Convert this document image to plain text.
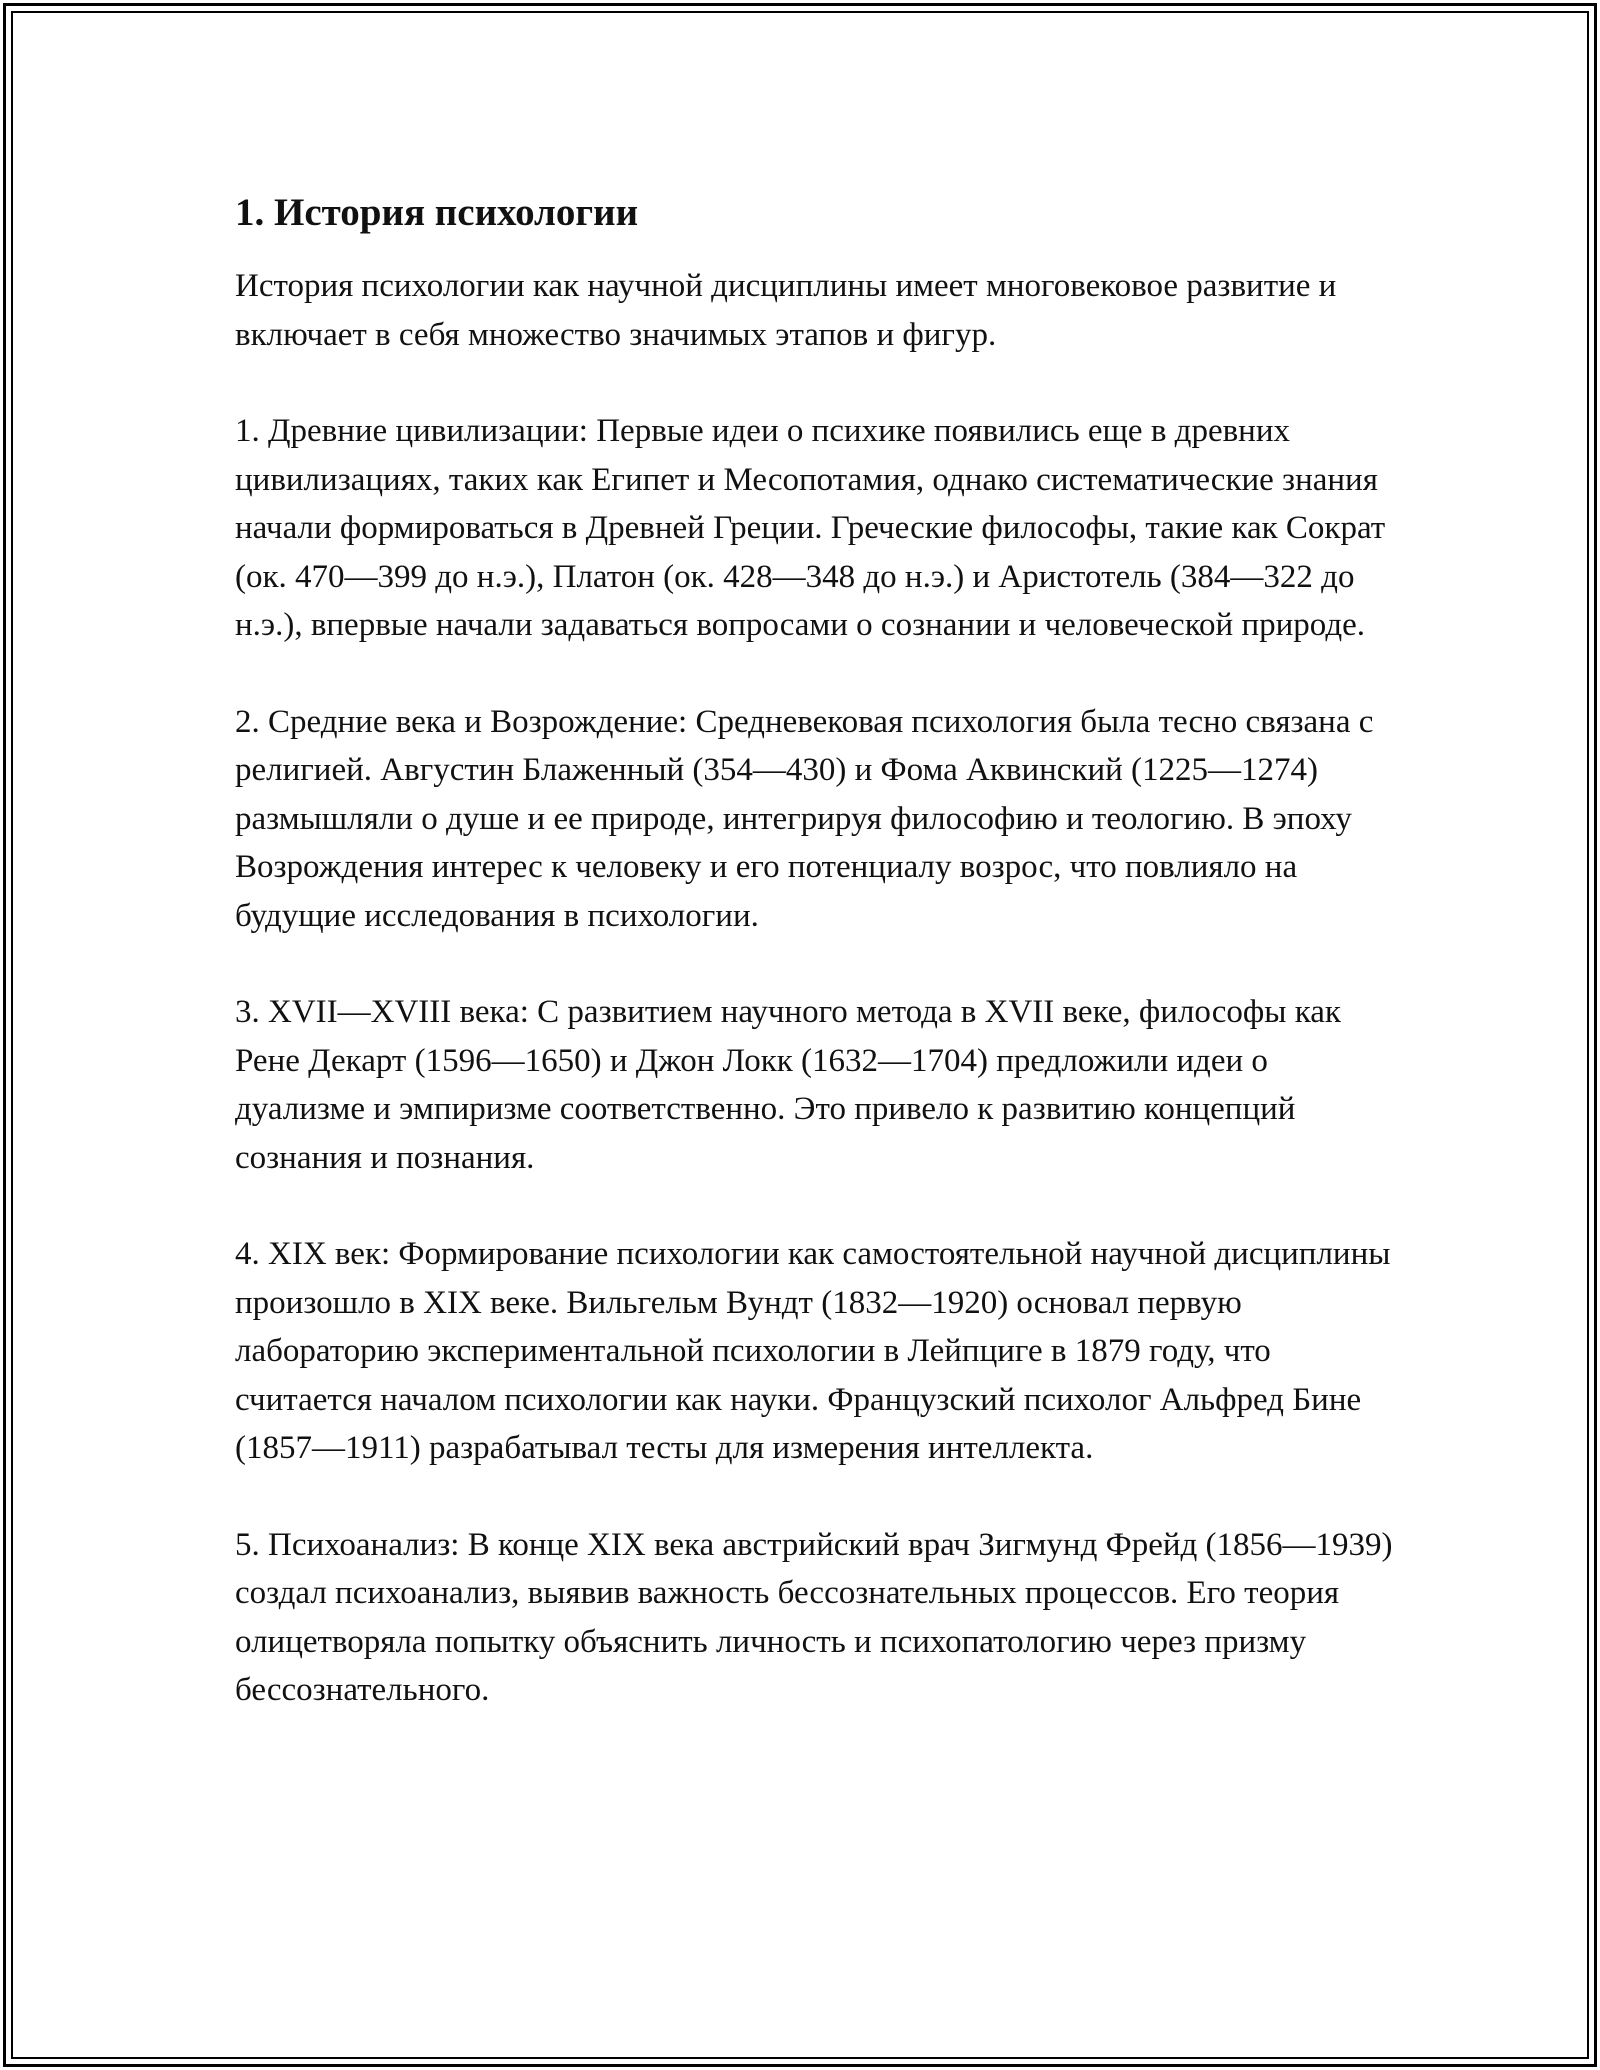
1. История психологии

История психологии как научной дисциплины имеет многовековое развитие и включает в себя множество значимых этапов и фигур.

1. Древние цивилизации: Первые идеи о психике появились еще в древних цивилизациях, таких как Египет и Месопотамия, однако систематические знания начали формироваться в Древней Греции. Греческие философы, такие как Сократ (ок. 470—399 до н.э.), Платон (ок. 428—348 до н.э.) и Аристотель (384—322 до н.э.), впервые начали задаваться вопросами о сознании и человеческой природе.

2. Средние века и Возрождение: Средневековая психология была тесно связана с религией. Августин Блаженный (354—430) и Фома Аквинский (1225—1274) размышляли о душе и ее природе, интегрируя философию и теологию. В эпоху Возрождения интерес к человеку и его потенциалу возрос, что повлияло на будущие исследования в психологии.

3. XVII—XVIII века: С развитием научного метода в XVII веке, философы как Рене Декарт (1596—1650) и Джон Локк (1632—1704) предложили идеи о дуализме и эмпиризме соответственно. Это привело к развитию концепций сознания и познания.

4. XIX век: Формирование психологии как самостоятельной научной дисциплины произошло в XIX веке. Вильгельм Вундт (1832—1920) основал первую лабораторию экспериментальной психологии в Лейпциге в 1879 году, что считается началом психологии как науки. Французский психолог Альфред Бине (1857—1911) разрабатывал тесты для измерения интеллекта.

5. Психоанализ: В конце XIX века австрийский врач Зигмунд Фрейд (1856—1939) создал психоанализ, выявив важность бессознательных процессов. Его теория олицетворяла попытку объяснить личность и психопатологию через призму бессознательного.
